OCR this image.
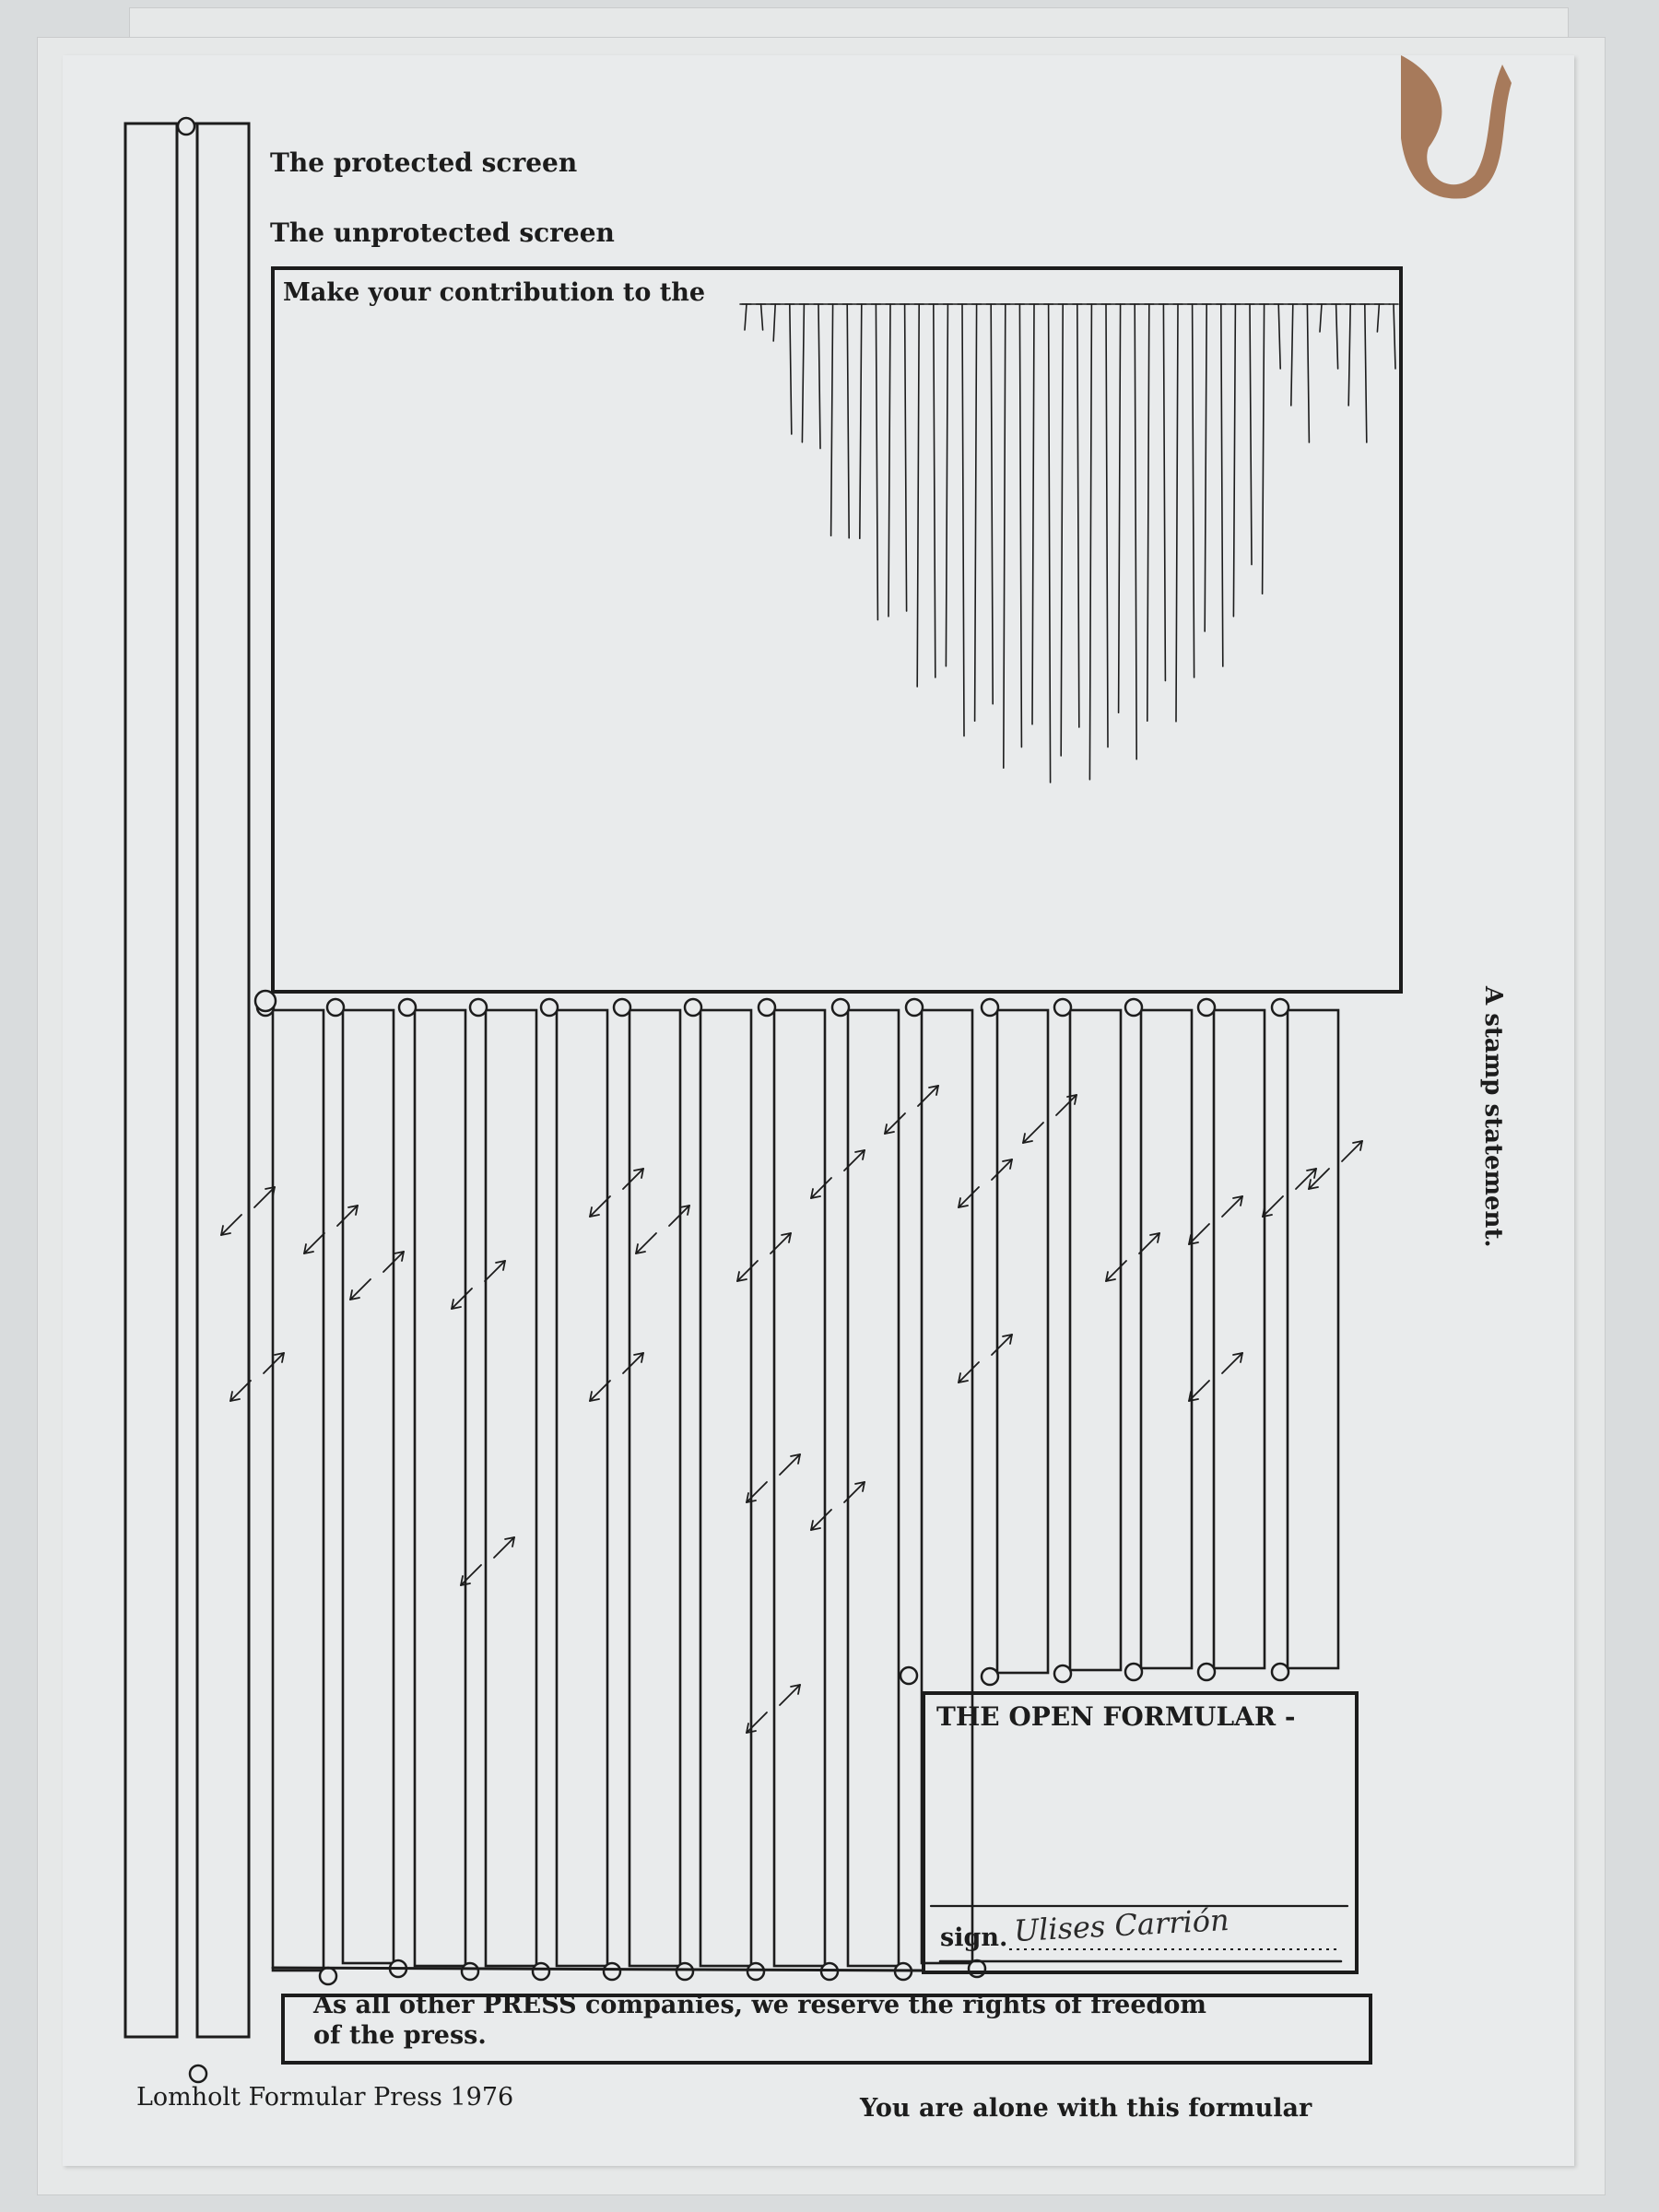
The protected screen
The unprotected screen
Make your contribution to the
THE OPEN FORMULAR -
sign. Ulises Carrión
As all other PRESS companies, we reserve the rights of freedom
of the press.
Lomholt Formular Press 1976	You are alone with this formular
A stamp statement.
